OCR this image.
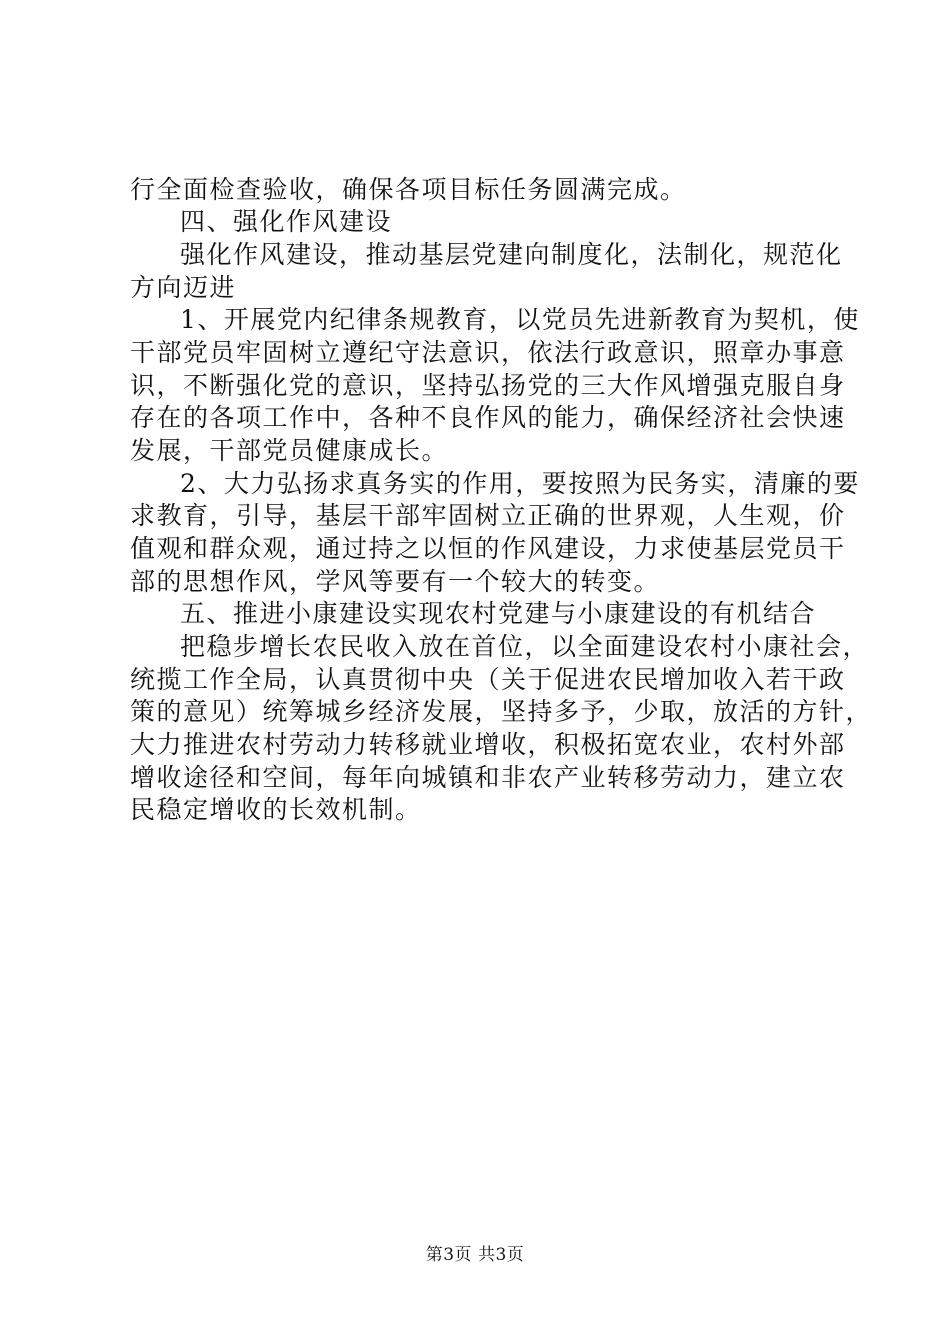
行全面检查验收，确保各项目标任务圆满完成。
四、强化作风建设
强化作风建设，推动基层党建向制度化，法制化，规范化
方向迈进
1、开展党内纪律条规教育，以党员先进新教育为契机，使
干部党员牢固树立遵纪守法意识，依法行政意识，照章办事意
识，不断强化党的意识，坚持弘扬党的三大作风增强克服自身
存在的各项工作中，各种不良作风的能力，确保经济社会快速
发展，干部党员健康成长。
2、大力弘扬求真务实的作用，要按照为民务实，清廉的要
求教育，引导，基层干部牢固树立正确的世界观，人生观，价
值观和群众观，通过持之以恒的作风建设，力求使基层党员干
部的思想作风，学风等要有一个较大的转变。
五、推进小康建设实现农村党建与小康建设的有机结合
把稳步增长农民收入放在首位，以全面建设农村小康社会，
统揽工作全局，认真贯彻中央（关于促进农民增加收入若干政
策的意见）统筹城乡经济发展，坚持多予，少取，放活的方针，
大力推进农村劳动力转移就业增收，积极拓宽农业，农村外部
增收途径和空间，每年向城镇和非农产业转移劳动力，建立农
民稳定增收的长效机制。
第3页 共3页
